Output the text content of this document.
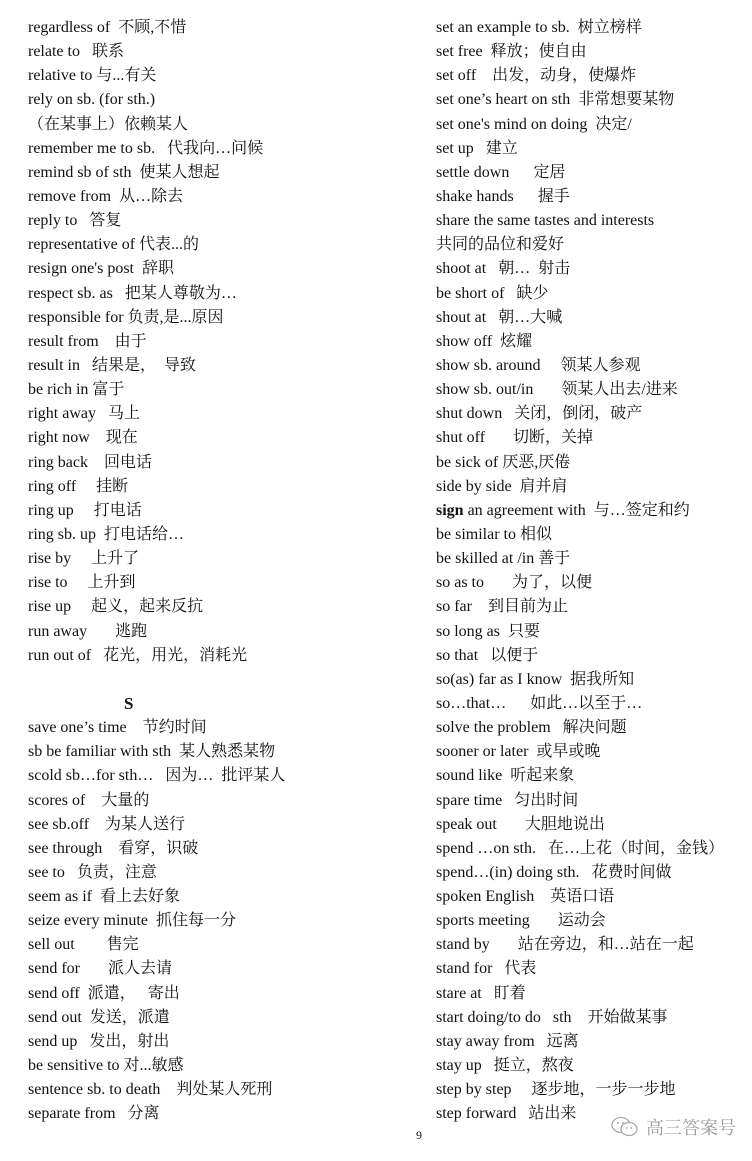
regardless of  不顾,不惜
relate to   联系
relative to 与...有关
rely on sb. (for sth.)
（在某事上）依赖某人
remember me to sb.   代我向…问候
remind sb of sth  使某人想起
remove from  从…除去
reply to   答复
representative of 代表...的
resign one's post  辞职
respect sb. as   把某人尊敬为…
responsible for 负责,是...原因
result from    由于
result in   结果是，  导致
be rich in 富于
right away   马上
right now    现在
ring back    回电话
ring off     挂断
ring up     打电话
ring sb. up  打电话给…
rise by     上升了
rise to     上升到
rise up     起义，起来反抗
run away       逃跑
run out of   花光，用光，消耗光
S
save one’s time    节约时间
sb be familiar with sth  某人熟悉某物
scold sb…for sth…   因为…  批评某人
scores of    大量的
see sb.off    为某人送行
see through    看穿，识破
see to   负责，注意
seem as if  看上去好象
seize every minute  抓住每一分
sell out        售完
send for       派人去请
send off  派遣，   寄出
send out  发送，派遣
send up   发出，射出
be sensitive to 对...敏感
sentence sb. to death    判处某人死刑
separate from   分离
set an example to sb.  树立榜样
set free  释放；使自由
set off    出发，动身，使爆炸
set one’s heart on sth  非常想要某物
set one's mind on doing  决定/
set up   建立
settle down      定居
shake hands      握手
share the same tastes and interests
共同的品位和爱好
shoot at   朝…  射击
be short of   缺少
shout at   朝…大喊
show off  炫耀
show sb. around     领某人参观
show sb. out/in       领某人出去/进来
shut down   关闭，倒闭，破产
shut off       切断，关掉
be sick of 厌恶,厌倦
side by side  肩并肩
sign an agreement with  与…签定和约
be similar to 相似
be skilled at /in 善于
so as to       为了，以便
so far    到目前为止
so long as  只要
so that   以便于
so(as) far as I know  据我所知
so…that…      如此…以至于…
solve the problem   解决问题
sooner or later  或早或晚
sound like  听起来象
spare time   匀出时间
speak out       大胆地说出
spend …on sth.   在…上花（时间，金钱）
spend…(in) doing sth.   花费时间做
spoken English    英语口语
sports meeting       运动会
stand by       站在旁边，和…站在一起
stand for   代表
stare at   盯着
start doing/to do   sth    开始做某事
stay away from   远离
stay up   挺立，熬夜
step by step     逐步地，一步一步地
step forward   站出来
9	高三答案号
